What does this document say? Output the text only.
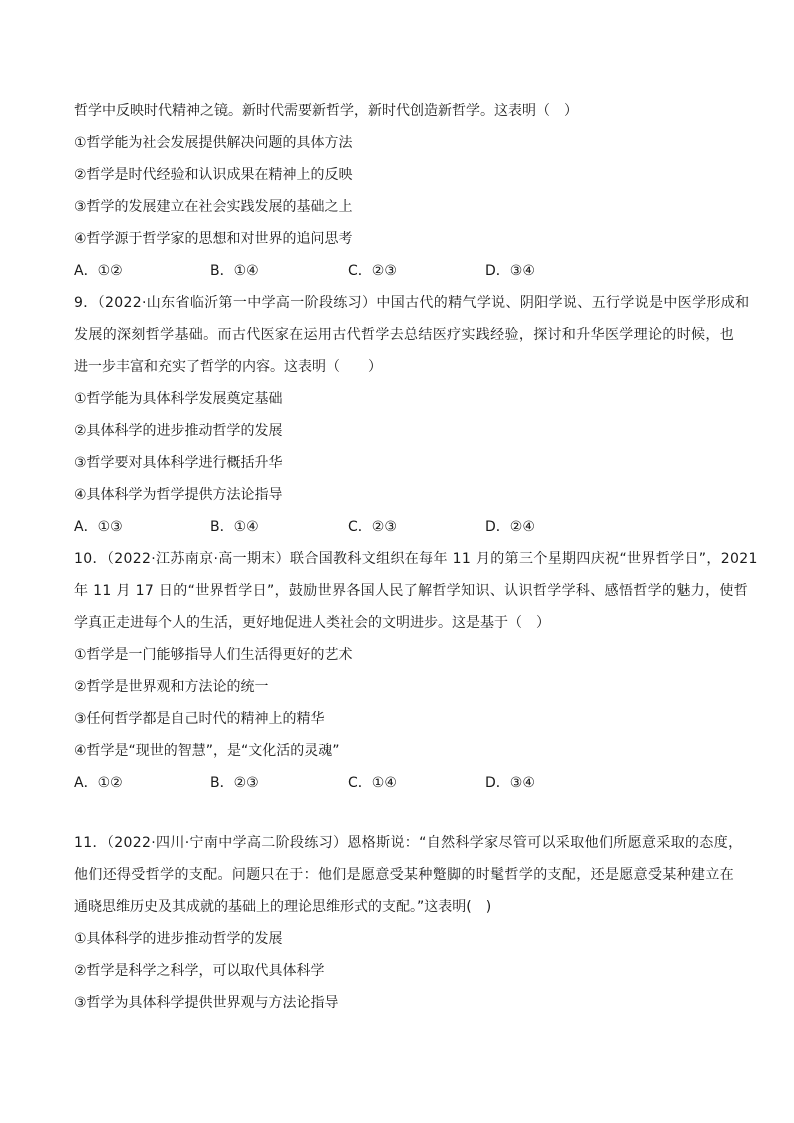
哲学中反映时代精神之镜。新时代需要新哲学，新时代创造新哲学。这表明（　）
①哲学能为社会发展提供解决问题的具体方法
②哲学是时代经验和认识成果在精神上的反映
③哲学的发展建立在社会实践发展的基础之上
④哲学源于哲学家的思想和对世界的追问思考
A．①②	B．①④	C．②③	D．③④
9．（2022·山东省临沂第一中学高一阶段练习）中国古代的精气学说、阴阳学说、五行学说是中医学形成和
发展的深刻哲学基础。而古代医家在运用古代哲学去总结医疗实践经验，探讨和升华医学理论的时候，也
进一步丰富和充实了哲学的内容。这表明（　　）
①哲学能为具体科学发展奠定基础
②具体科学的进步推动哲学的发展
③哲学要对具体科学进行概括升华
④具体科学为哲学提供方法论指导
A．①③	B．①④	C．②③	D．②④
10．（2022·江苏南京·高一期末）联合国教科文组织在每年 11 月的第三个星期四庆祝“世界哲学日”，2021
年 11 月 17 日的“世界哲学日”，鼓励世界各国人民了解哲学知识、认识哲学学科、感悟哲学的魅力，使哲
学真正走进每个人的生活，更好地促进人类社会的文明进步。这是基于（　）
①哲学是一门能够指导人们生活得更好的艺术
②哲学是世界观和方法论的统一
③任何哲学都是自己时代的精神上的精华
④哲学是“现世的智慧”，是“文化活的灵魂”
A．①②	B．②③	C．①④	D．③④
11．（2022·四川·宁南中学高二阶段练习）恩格斯说：“自然科学家尽管可以采取他们所愿意采取的态度，
他们还得受哲学的支配。问题只在于：他们是愿意受某种蹩脚的时髦哲学的支配，还是愿意受某种建立在
通晓思维历史及其成就的基础上的理论思维形式的支配。”这表明(　)
①具体科学的进步推动哲学的发展
②哲学是科学之科学，可以取代具体科学
③哲学为具体科学提供世界观与方法论指导
